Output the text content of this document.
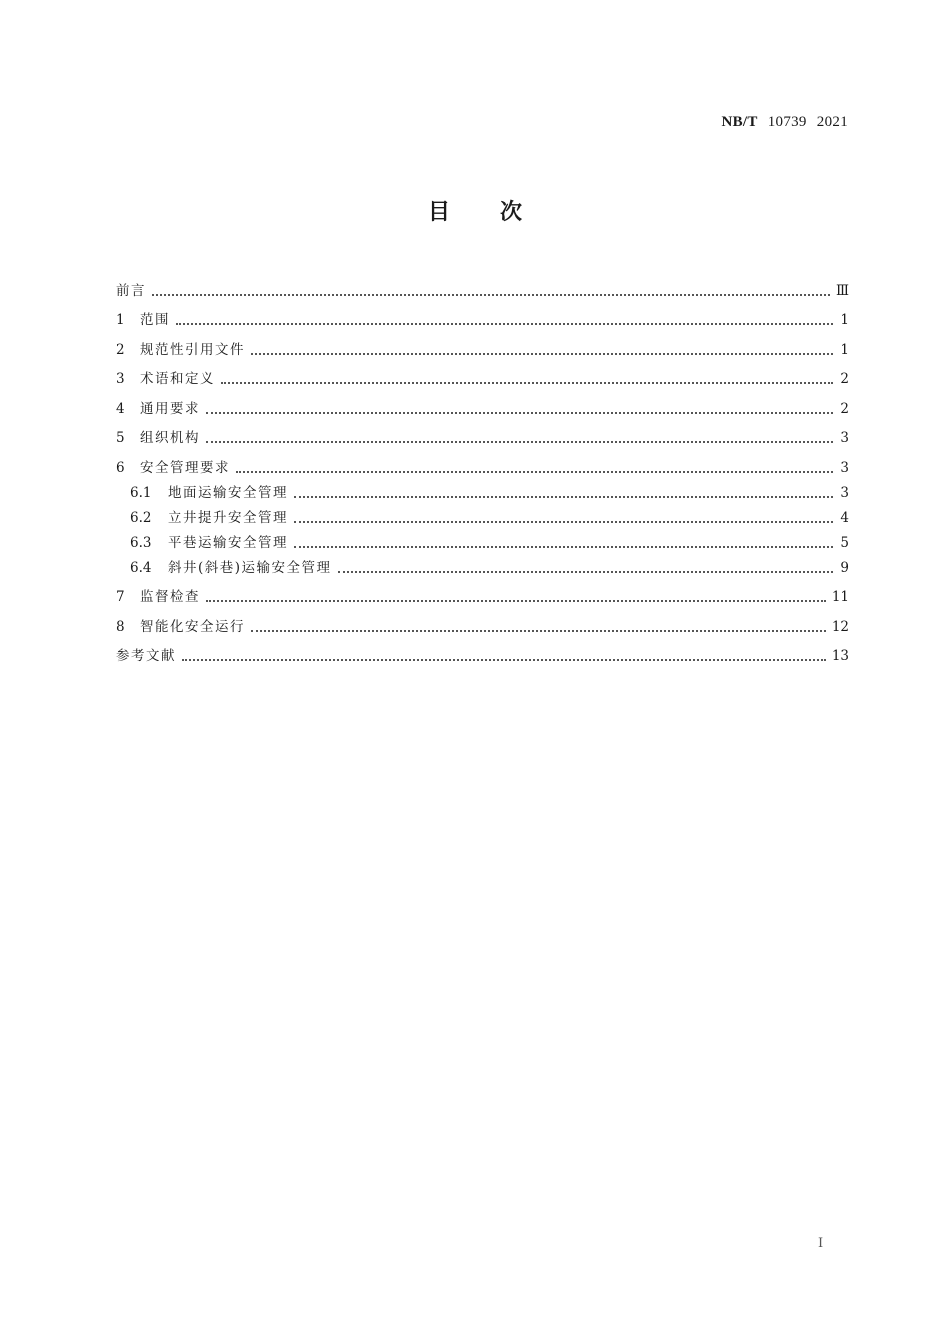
NB/T 10739 2021
目次
前言	Ⅲ
1	范围	1
2	规范性引用文件	1
3	术语和定义	2
4	通用要求	2
5	组织机构	3
6	安全管理要求	3
6.1	地面运输安全管理	3
6.2	立井提升安全管理	4
6.3	平巷运输安全管理	5
6.4	斜井(斜巷)运输安全管理	9
7	监督检查	11
8	智能化安全运行	12
参考文献	13
I
